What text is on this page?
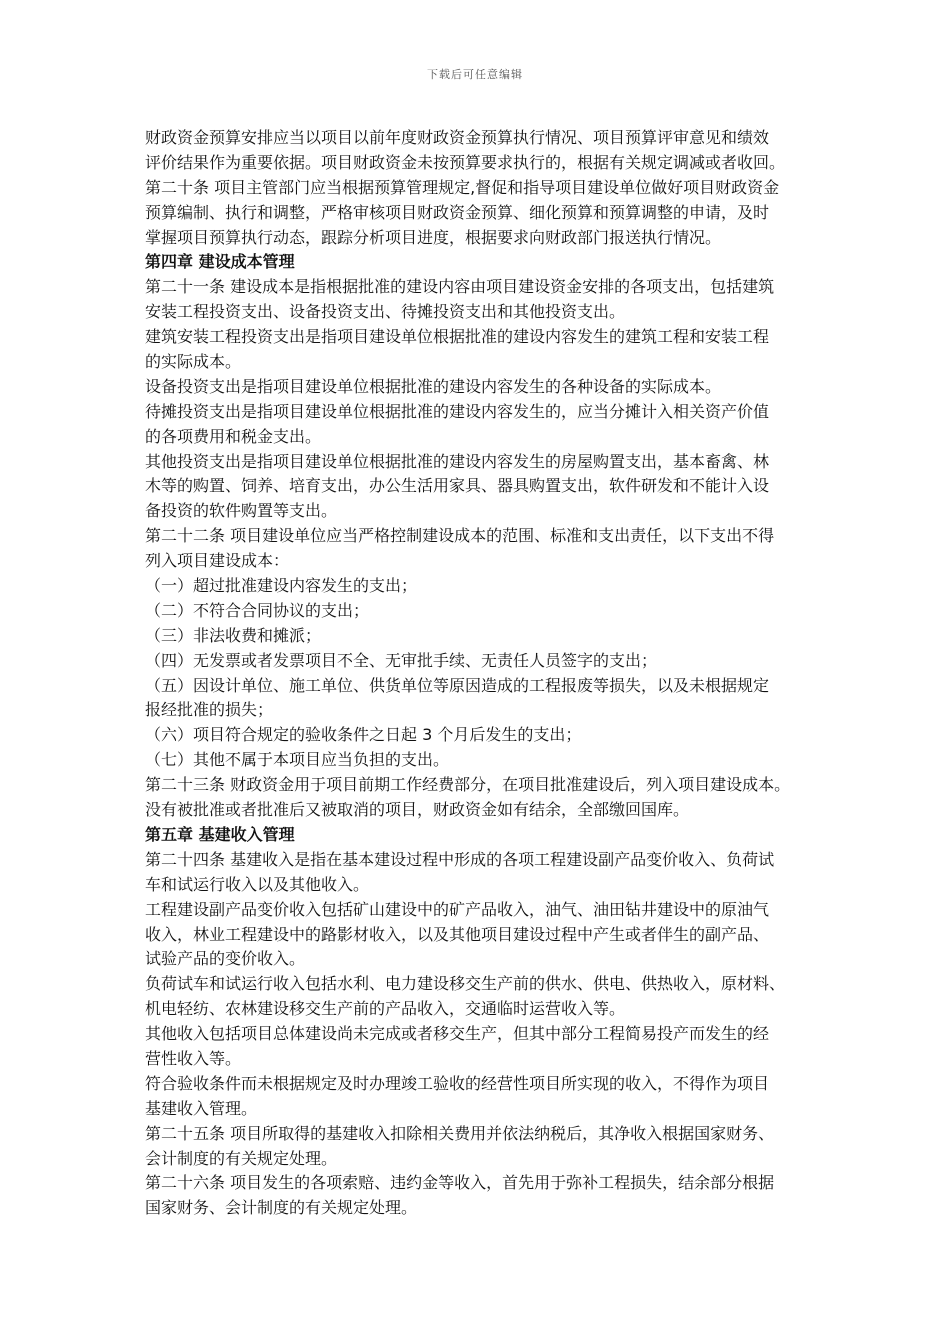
下载后可任意编辑
财政资金预算安排应当以项目以前年度财政资金预算执行情况、项目预算评审意见和绩效
评价结果作为重要依据。项目财政资金未按预算要求执行的，根据有关规定调减或者收回。
第二十条 项目主管部门应当根据预算管理规定,督促和指导项目建设单位做好项目财政资金
预算编制、执行和调整，严格审核项目财政资金预算、细化预算和预算调整的申请，及时
掌握项目预算执行动态，跟踪分析项目进度，根据要求向财政部门报送执行情况。
第四章 建设成本管理
第二十一条 建设成本是指根据批准的建设内容由项目建设资金安排的各项支出，包括建筑
安装工程投资支出、设备投资支出、待摊投资支出和其他投资支出。
建筑安装工程投资支出是指项目建设单位根据批准的建设内容发生的建筑工程和安装工程
的实际成本。
设备投资支出是指项目建设单位根据批准的建设内容发生的各种设备的实际成本。
待摊投资支出是指项目建设单位根据批准的建设内容发生的，应当分摊计入相关资产价值
的各项费用和税金支出。
其他投资支出是指项目建设单位根据批准的建设内容发生的房屋购置支出，基本畜禽、林
木等的购置、饲养、培育支出，办公生活用家具、器具购置支出，软件研发和不能计入设
备投资的软件购置等支出。
第二十二条 项目建设单位应当严格控制建设成本的范围、标准和支出责任，以下支出不得
列入项目建设成本：
（一）超过批准建设内容发生的支出；
（二）不符合合同协议的支出；
（三）非法收费和摊派；
（四）无发票或者发票项目不全、无审批手续、无责任人员签字的支出；
（五）因设计单位、施工单位、供货单位等原因造成的工程报废等损失，以及未根据规定
报经批准的损失；
（六）项目符合规定的验收条件之日起 3 个月后发生的支出；
（七）其他不属于本项目应当负担的支出。
第二十三条 财政资金用于项目前期工作经费部分，在项目批准建设后，列入项目建设成本。
没有被批准或者批准后又被取消的项目，财政资金如有结余，全部缴回国库。
第五章 基建收入管理
第二十四条 基建收入是指在基本建设过程中形成的各项工程建设副产品变价收入、负荷试
车和试运行收入以及其他收入。
工程建设副产品变价收入包括矿山建设中的矿产品收入，油气、油田钻井建设中的原油气
收入，林业工程建设中的路影材收入，以及其他项目建设过程中产生或者伴生的副产品、
试验产品的变价收入。
负荷试车和试运行收入包括水利、电力建设移交生产前的供水、供电、供热收入，原材料、
机电轻纺、农林建设移交生产前的产品收入，交通临时运营收入等。
其他收入包括项目总体建设尚未完成或者移交生产，但其中部分工程简易投产而发生的经
营性收入等。
符合验收条件而未根据规定及时办理竣工验收的经营性项目所实现的收入，不得作为项目
基建收入管理。
第二十五条 项目所取得的基建收入扣除相关费用并依法纳税后，其净收入根据国家财务、
会计制度的有关规定处理。
第二十六条 项目发生的各项索赔、违约金等收入，首先用于弥补工程损失，结余部分根据
国家财务、会计制度的有关规定处理。
